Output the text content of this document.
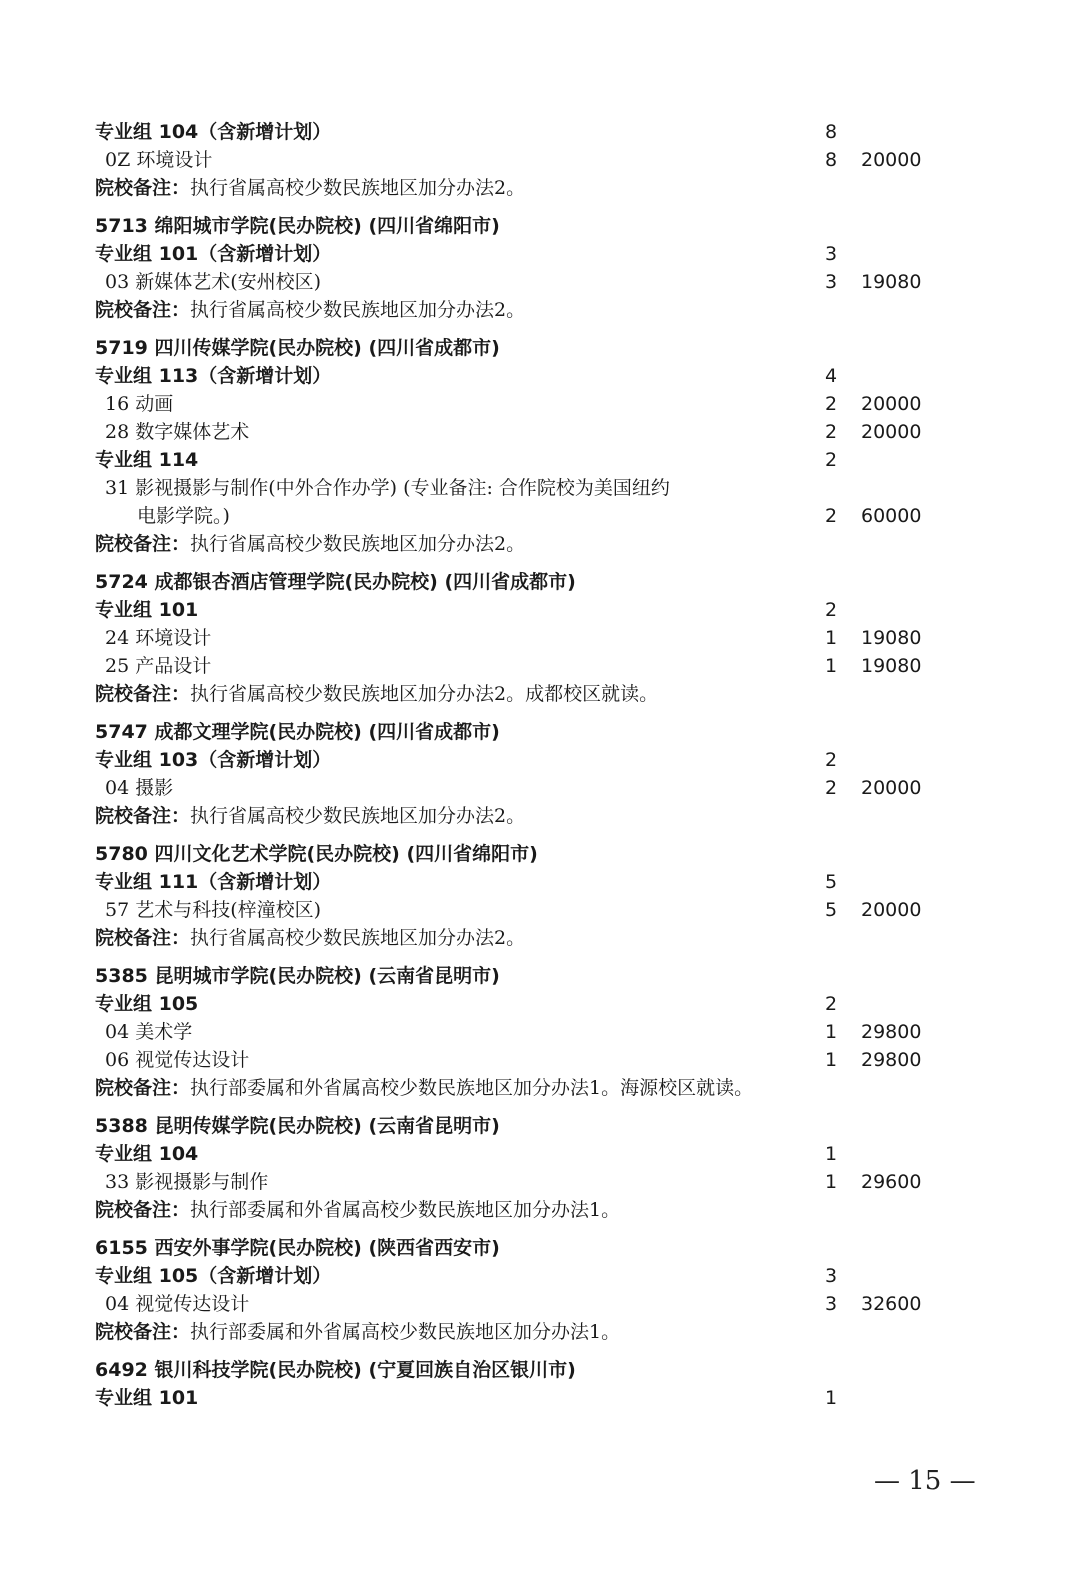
专业组 104（含新增计划）	8
0Z 环境设计	8 20000
院校备注：执行省属高校少数民族地区加分办法2。
5713 绵阳城市学院(民办院校) (四川省绵阳市)
专业组 101（含新增计划）	3
03 新媒体艺术(安州校区)	3 19080
院校备注：执行省属高校少数民族地区加分办法2。
5719 四川传媒学院(民办院校) (四川省成都市)
专业组 113（含新增计划）	4
16 动画	2 20000
28 数字媒体艺术	2 20000
专业组 114	2
31 影视摄影与制作(中外合作办学) (专业备注: 合作院校为美国纽约
电影学院。)	2 60000
院校备注：执行省属高校少数民族地区加分办法2。
5724 成都银杏酒店管理学院(民办院校) (四川省成都市)
专业组 101	2
24 环境设计	1 19080
25 产品设计	1 19080
院校备注：执行省属高校少数民族地区加分办法2。成都校区就读。
5747 成都文理学院(民办院校) (四川省成都市)
专业组 103（含新增计划）	2
04 摄影	2 20000
院校备注：执行省属高校少数民族地区加分办法2。
5780 四川文化艺术学院(民办院校) (四川省绵阳市)
专业组 111（含新增计划）	5
57 艺术与科技(梓潼校区)	5 20000
院校备注：执行省属高校少数民族地区加分办法2。
5385 昆明城市学院(民办院校) (云南省昆明市)
专业组 105	2
04 美术学	1 29800
06 视觉传达设计	1 29800
院校备注：执行部委属和外省属高校少数民族地区加分办法1。海源校区就读。
5388 昆明传媒学院(民办院校) (云南省昆明市)
专业组 104	1
33 影视摄影与制作	1 29600
院校备注：执行部委属和外省属高校少数民族地区加分办法1。
6155 西安外事学院(民办院校) (陕西省西安市)
专业组 105（含新增计划）	3
04 视觉传达设计	3 32600
院校备注：执行部委属和外省属高校少数民族地区加分办法1。
6492 银川科技学院(民办院校) (宁夏回族自治区银川市)
专业组 101	1
— 15 —
